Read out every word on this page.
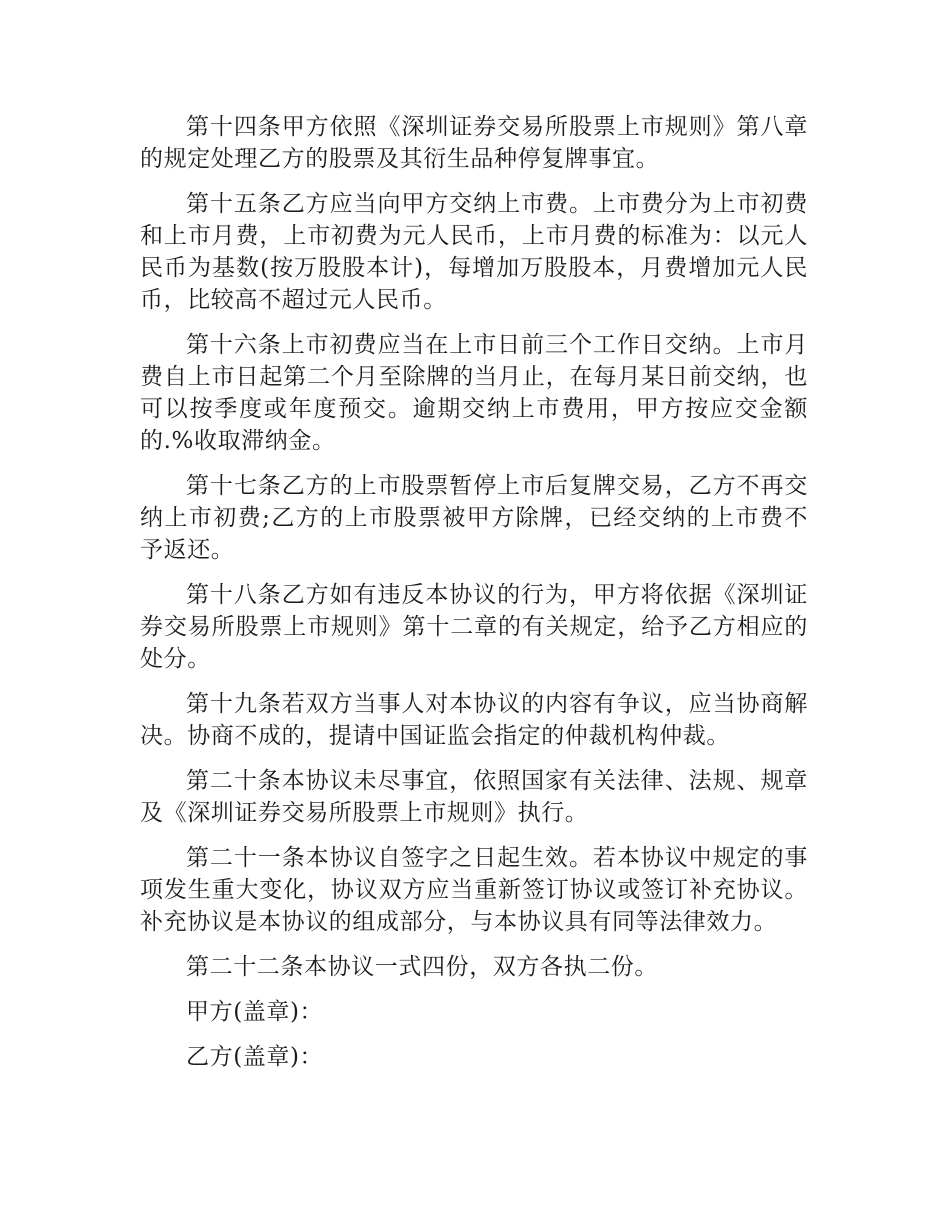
第十四条甲方依照《深圳证券交易所股票上市规则》第八章的规定处理乙方的股票及其衍生品种停复牌事宜。

第十五条乙方应当向甲方交纳上市费。上市费分为上市初费和上市月费，上市初费为元人民币，上市月费的标准为：以元人民币为基数(按万股股本计)，每增加万股股本，月费增加元人民币，比较高不超过元人民币。

第十六条上市初费应当在上市日前三个工作日交纳。上市月费自上市日起第二个月至除牌的当月止，在每月某日前交纳，也可以按季度或年度预交。逾期交纳上市费用，甲方按应交金额的.%收取滞纳金。

第十七条乙方的上市股票暂停上市后复牌交易，乙方不再交纳上市初费;乙方的上市股票被甲方除牌，已经交纳的上市费不予返还。

第十八条乙方如有违反本协议的行为，甲方将依据《深圳证券交易所股票上市规则》第十二章的有关规定，给予乙方相应的处分。

第十九条若双方当事人对本协议的内容有争议，应当协商解决。协商不成的，提请中国证监会指定的仲裁机构仲裁。

第二十条本协议未尽事宜，依照国家有关法律、法规、规章及《深圳证券交易所股票上市规则》执行。

第二十一条本协议自签字之日起生效。若本协议中规定的事项发生重大变化，协议双方应当重新签订协议或签订补充协议。补充协议是本协议的组成部分，与本协议具有同等法律效力。

第二十二条本协议一式四份，双方各执二份。

甲方(盖章)：

乙方(盖章)：
